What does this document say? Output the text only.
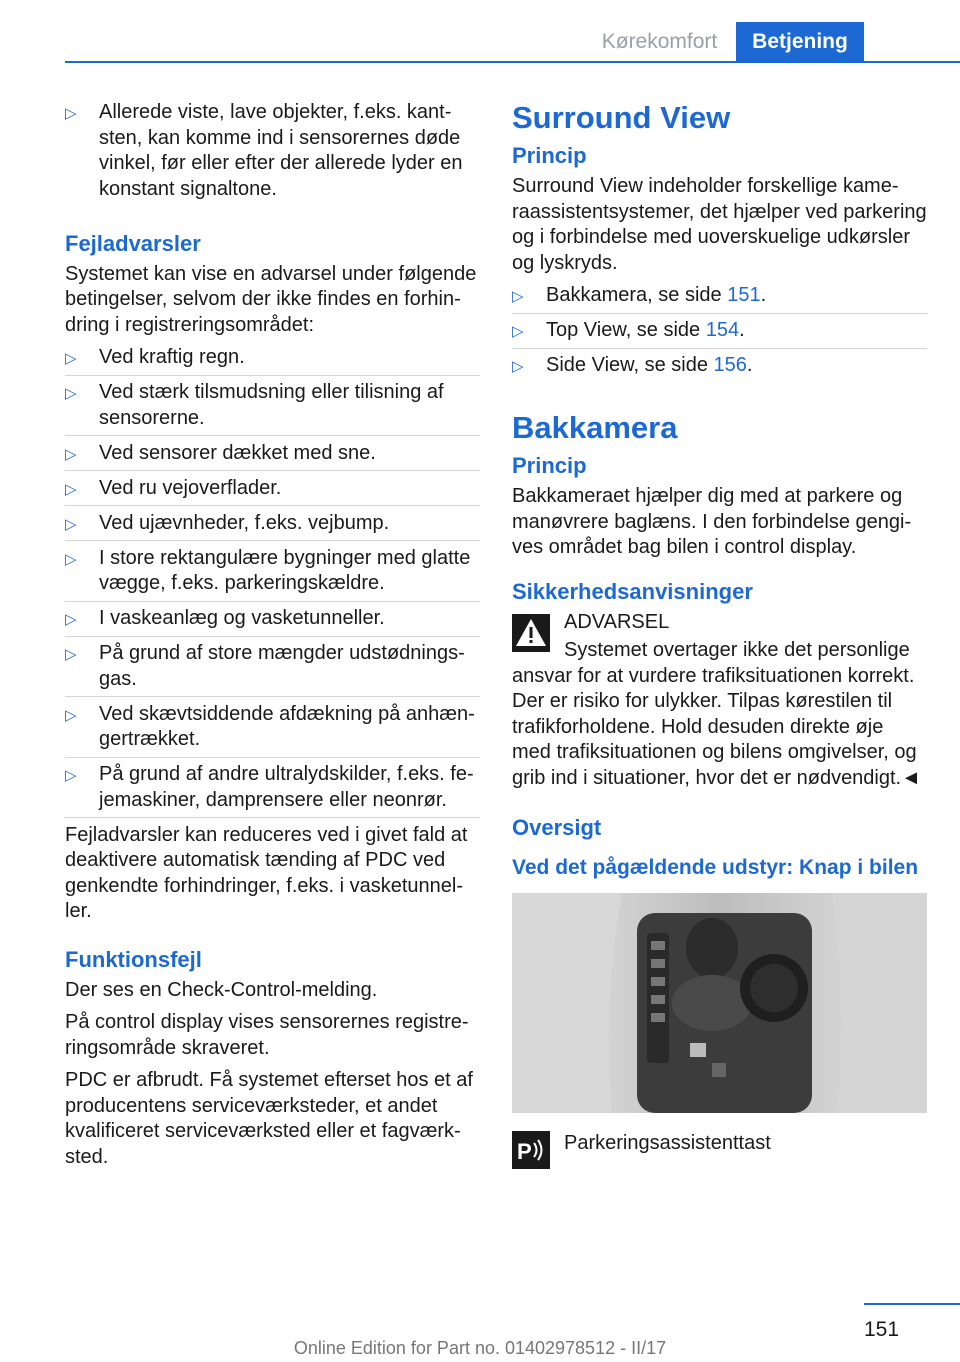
Kørekomfort	Betjening
▷
Allerede viste, lave objekter, f.eks. kantsten, kan komme ind i sensorernes døde vinkel, før eller efter der allerede lyder en konstant signaltone.
Fejladvarsler

Systemet kan vise en advarsel under følgende betingelser, selvom der ikke findes en forhindring i registreringsområdet:

▷
Ved kraftig regn.
▷
Ved stærk tilsmudsning eller tilisning af sensorerne.
▷
Ved sensorer dækket med sne.
▷
Ved ru vejoverflader.
▷
Ved ujævnheder, f.eks. vejbump.
▷
I store rektangulære bygninger med glatte vægge, f.eks. parkeringskældre.
▷
I vaskeanlæg og vasketunneller.
▷
På grund af store mængder udstødningsgas.
▷
Ved skævtsiddende afdækning på anhængertrækket.
▷
På grund af andre ultralydskilder, f.eks. fejemaskiner, damprensere eller neonrør.

Fejladvarsler kan reduceres ved i givet fald at deaktivere automatisk tænding af PDC ved genkendte forhindringer, f.eks. i vasketunneller.

Funktionsfejl

Der ses en Check-Control-melding.

På control display vises sensorernes registreringsområde skraveret.

PDC er afbrudt. Få systemet efterset hos et af producentens serviceværksteder, et andet kvalificeret serviceværksted eller et fagværksted.

Surround View
Princip

Surround View indeholder forskellige kameraassistentsystemer, det hjælper ved parkering og i forbindelse med uoverskuelige udkørsler og lyskryds.

▷
Bakkamera, se side 151.
▷
Top View, se side 154.
▷
Side View, se side 156.
Bakkamera
Princip

Bakkameraet hjælper dig med at parkere og manøvrere baglæns. I den forbindelse gengives området bag bilen i control display.

Sikkerhedsanvisninger

ADVARSEL

Systemet overtager ikke det personlige ansvar for at vurdere trafiksituationen korrekt. Der er risiko for ulykker. Tilpas kørestilen til trafikforholdene. Hold desuden direkte øje med trafiksituationen og bilens omgivelser, og grib ind i situationer, hvor det er nødvendigt.◄

Oversigt
Ved det pågældende udstyr: Knap i bilen
P Parkeringsassistenttast
151
Online Edition for Part no. 01402978512 - II/17
